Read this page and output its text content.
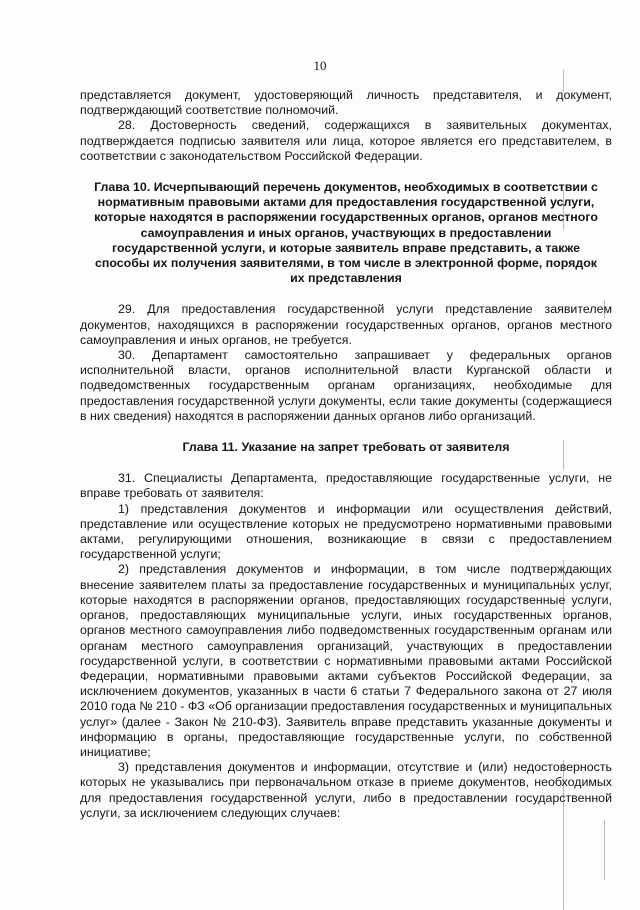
10

представляется документ, удостоверяющий личность представителя, и документ, подтверждающий соответствие полномочий.

28. Достоверность сведений, содержащихся в заявительных документах, подтверждается подписью заявителя или лица, которое является его представителем, в соответствии с законодательством Российской Федерации.

Глава 10. Исчерпывающий перечень документов, необходимых в соответствии с нормативным правовыми актами для предоставления государственной услуги, которые находятся в распоряжении государственных органов, органов местного самоуправления и иных органов, участвующих в предоставлении государственной услуги, и которые заявитель вправе представить, а также способы их получения заявителями, в том числе в электронной форме, порядок их представления

29. Для предоставления государственной услуги представление заявителем документов, находящихся в распоряжении государственных органов, органов местного самоуправления и иных органов, не требуется.

30. Департамент самостоятельно запрашивает у федеральных органов исполнительной власти, органов исполнительной власти Курганской области и подведомственных государственным органам организациях, необходимые для предоставления государственной услуги документы, если такие документы (содержащиеся в них сведения) находятся в распоряжении данных органов либо организаций.

Глава 11. Указание на запрет требовать от заявителя

31. Специалисты Департамента, предоставляющие государственные услуги, не вправе требовать от заявителя:

1) представления документов и информации или осуществления действий, представление или осуществление которых не предусмотрено нормативными правовыми актами, регулирующими отношения, возникающие в связи с предоставлением государственной услуги;

2) представления документов и информации, в том числе подтверждающих внесение заявителем платы за предоставление государственных и муниципальных услуг, которые находятся в распоряжении органов, предоставляющих государственные услуги, органов, предоставляющих муниципальные услуги, иных государственных органов, органов местного самоуправления либо подведомственных государственным органам или органам местного самоуправления организаций, участвующих в предоставлении государственной услуги, в соответствии с нормативными правовыми актами Российской Федерации, нормативными правовыми актами субъектов Российской Федерации, за исключением документов, указанных в части 6 статьи 7 Федерального закона от 27 июля 2010 года № 210 - ФЗ «Об организации предоставления государственных и муниципальных услуг» (далее - Закон № 210-ФЗ). Заявитель вправе представить указанные документы и информацию в органы, предоставляющие государственные услуги, по собственной инициативе;

3) представления документов и информации, отсутствие и (или) недостоверность которых не указывались при первоначальном отказе в приеме документов, необходимых для предоставления государственной услуги, либо в предоставлении государственной услуги, за исключением следующих случаев:
